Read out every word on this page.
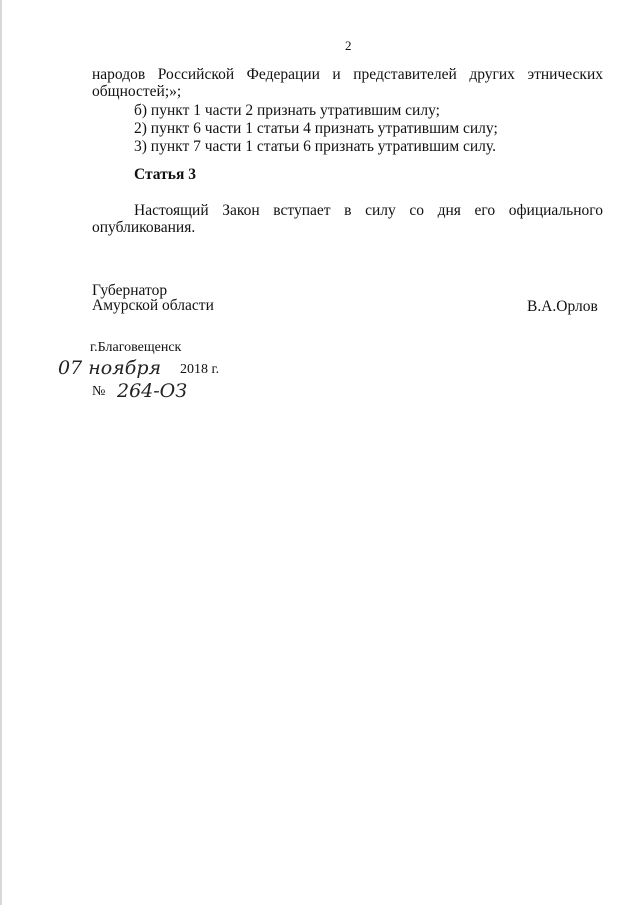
2
народов Российской Федерации и представителей других этнических
общностей;»;
б) пункт 1 части 2 признать утратившим силу;
2) пункт 6 части 1 статьи 4 признать утратившим силу;
3) пункт 7 части 1 статьи 6 признать утратившим силу.
Статья 3
Настоящий Закон вступает в силу со дня его официального
опубликования.
Губернатор
Амурской области	В.А.Орлов
г.Благовещенск
07 ноября 2018 г.
№ 264-ОЗ
